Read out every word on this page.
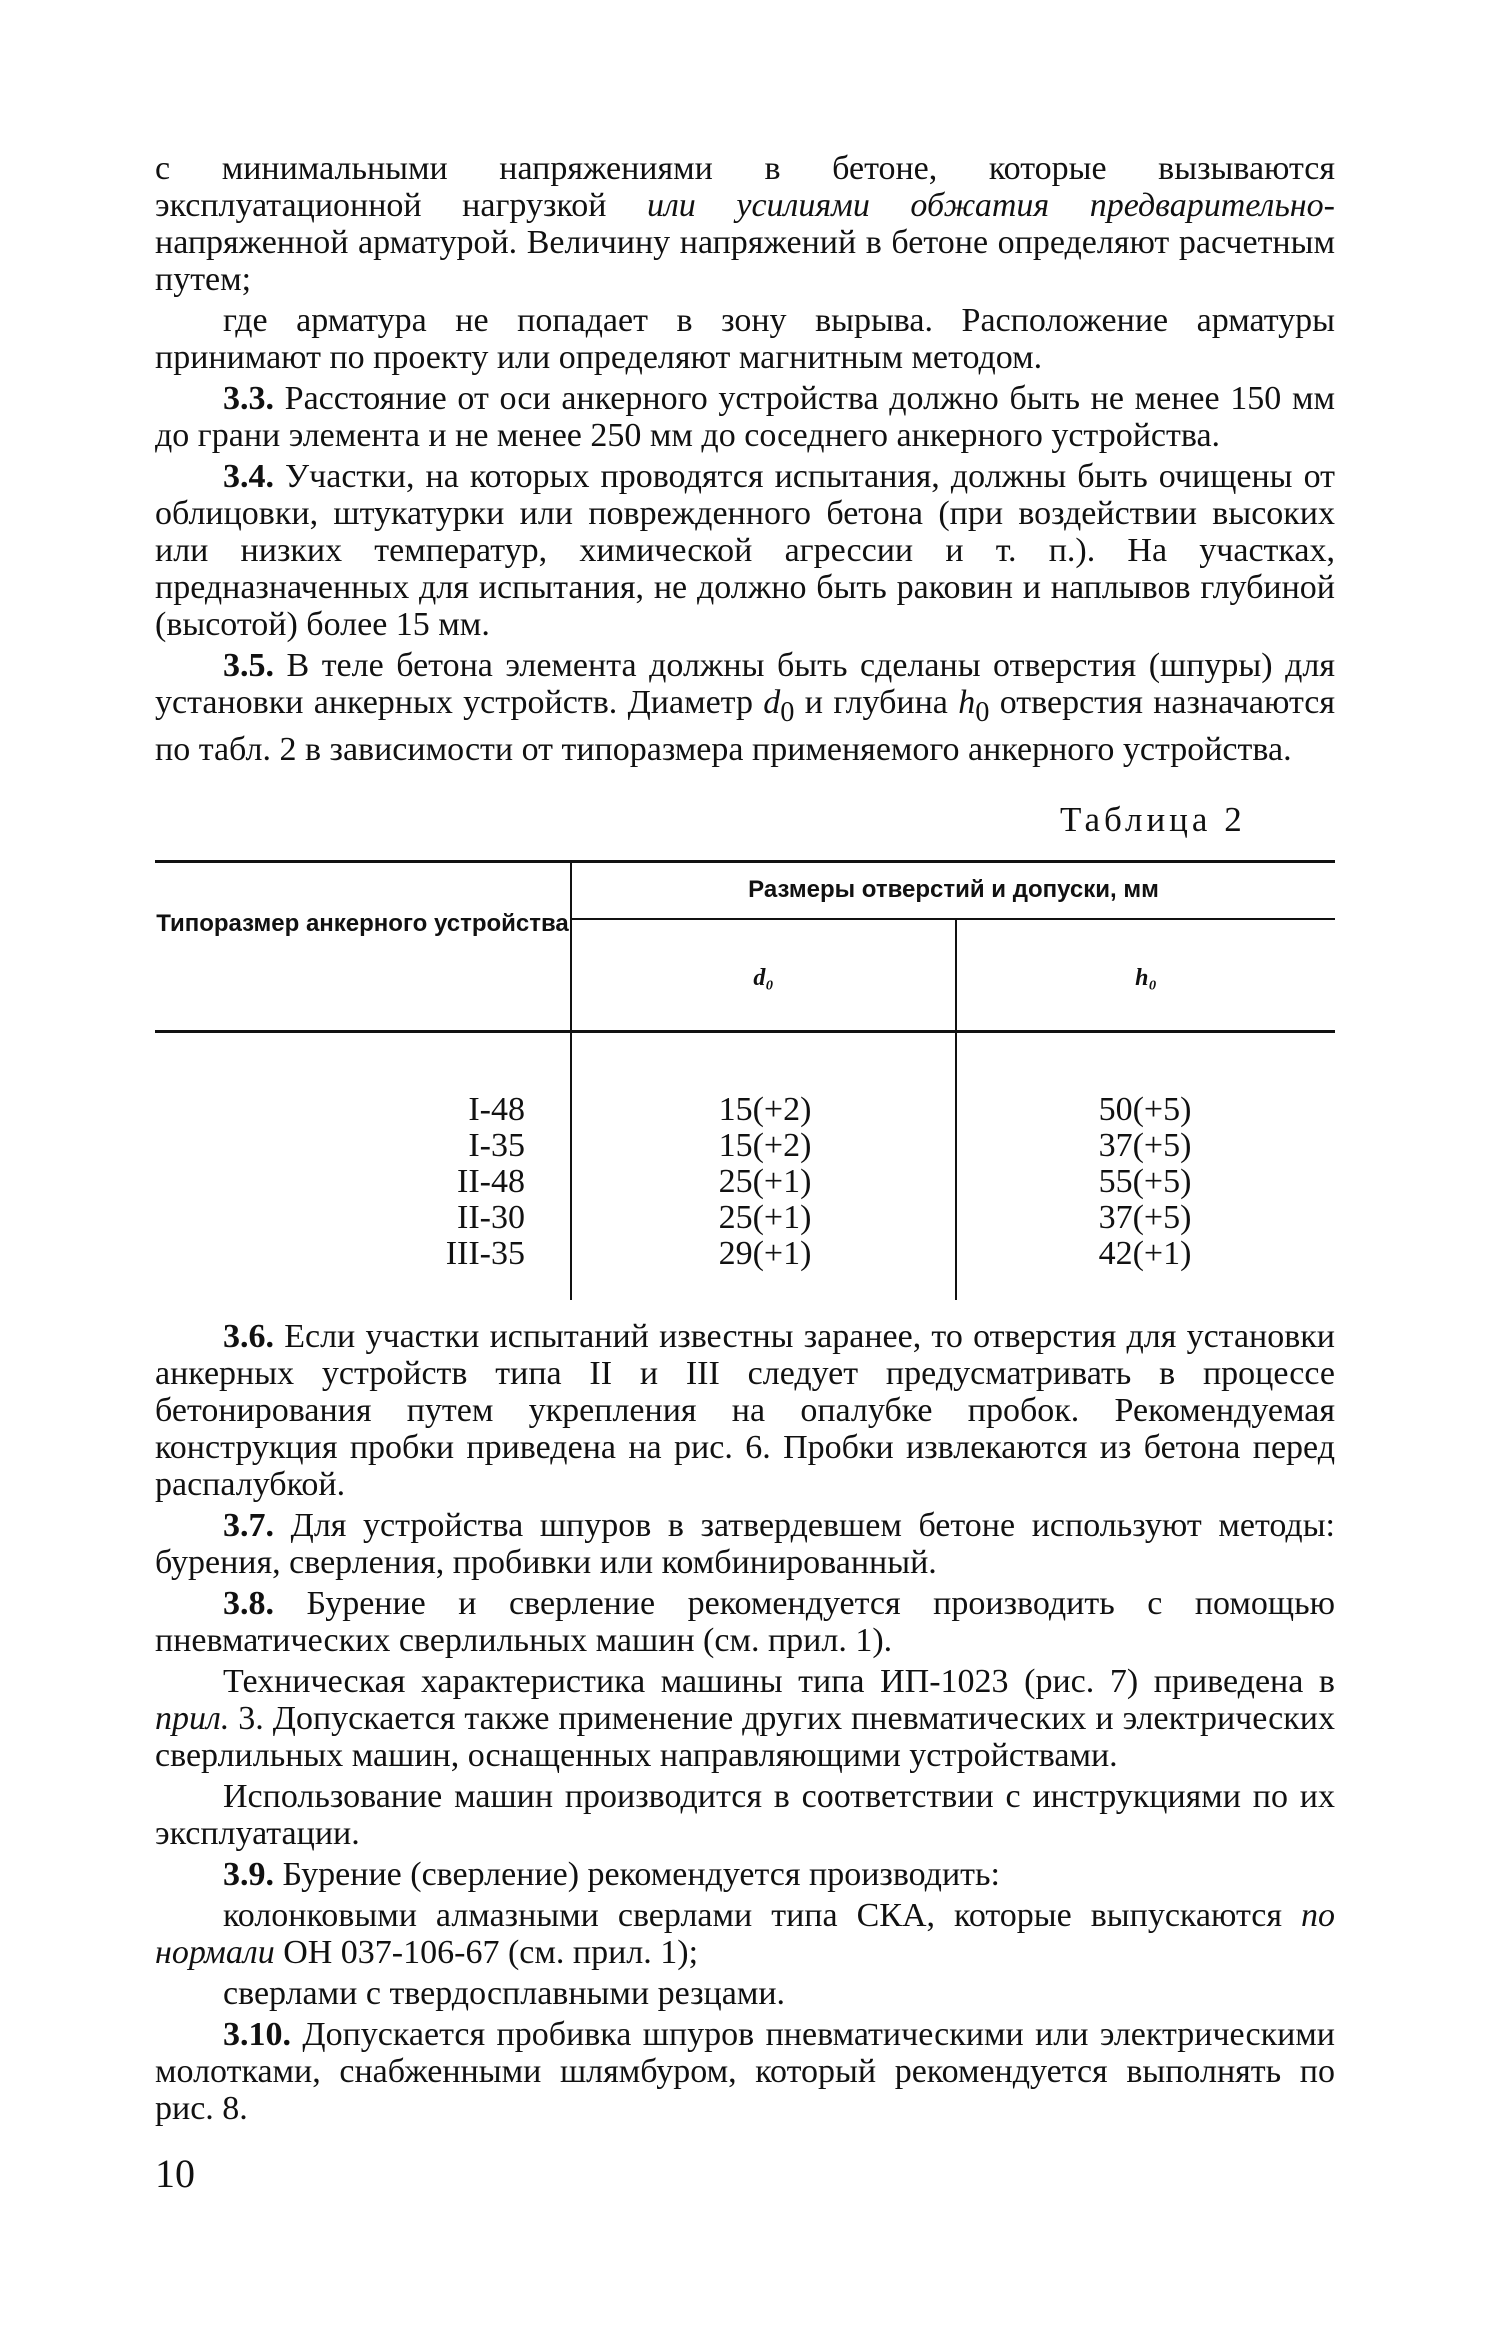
с минимальными напряжениями в бетоне, которые вызываются эксплуатационной нагрузкой или усилиями обжатия предварительно-напряженной арматурой. Величину напряжений в бетоне определяют расчетным путем;

где арматура не попадает в зону вырыва. Расположение арматуры принимают по проекту или определяют магнитным методом.

3.3. Расстояние от оси анкерного устройства должно быть не менее 150 мм до грани элемента и не менее 250 мм до соседнего анкерного устройства.

3.4. Участки, на которых проводятся испытания, должны быть очищены от облицовки, штукатурки или поврежденного бетона (при воздействии высоких или низких температур, химической агрессии и т. п.). На участках, предназначенных для испытания, не должно быть раковин и наплывов глубиной (высотой) более 15 мм.

3.5. В теле бетона элемента должны быть сделаны отверстия (шпуры) для установки анкерных устройств. Диаметр $d_0$ и глубина $h_0$ отверстия назначаются по табл. 2 в зависимости от типоразмера применяемого анкерного устройства.

Таблица 2
Типоразмер анкерного устройства
Размеры отверстий и допуски, мм
d₀	h₀
I-48
I-35
II-48
II-30
III-35
15(+2)
15(+2)
25(+1)
25(+1)
29(+1)
50(+5)
37(+5)
55(+5)
37(+5)
42(+1)

3.6. Если участки испытаний известны заранее, то отверстия для установки анкерных устройств типа II и III следует предусматривать в процессе бетонирования путем укрепления на опалубке пробок. Рекомендуемая конструкция пробки приведена на рис. 6. Пробки извлекаются из бетона перед распалубкой.

3.7. Для устройства шпуров в затвердевшем бетоне используют методы: бурения, сверления, пробивки или комбинированный.

3.8. Бурение и сверление рекомендуется производить с помощью пневматических сверлильных машин (см. прил. 1).

Техническая характеристика машины типа ИП-1023 (рис. 7) приведена в прил. 3. Допускается также применение других пневматических и электрических сверлильных машин, оснащенных направляющими устройствами.

Использование машин производится в соответствии с инструкциями по их эксплуатации.

3.9. Бурение (сверление) рекомендуется производить:

колонковыми алмазными сверлами типа СКА, которые выпускаются по нормали ОН 037-106-67 (см. прил. 1);

сверлами с твердосплавными резцами.

3.10. Допускается пробивка шпуров пневматическими или электрическими молотками, снабженными шлямбуром, который рекомендуется выполнять по рис. 8.

10
